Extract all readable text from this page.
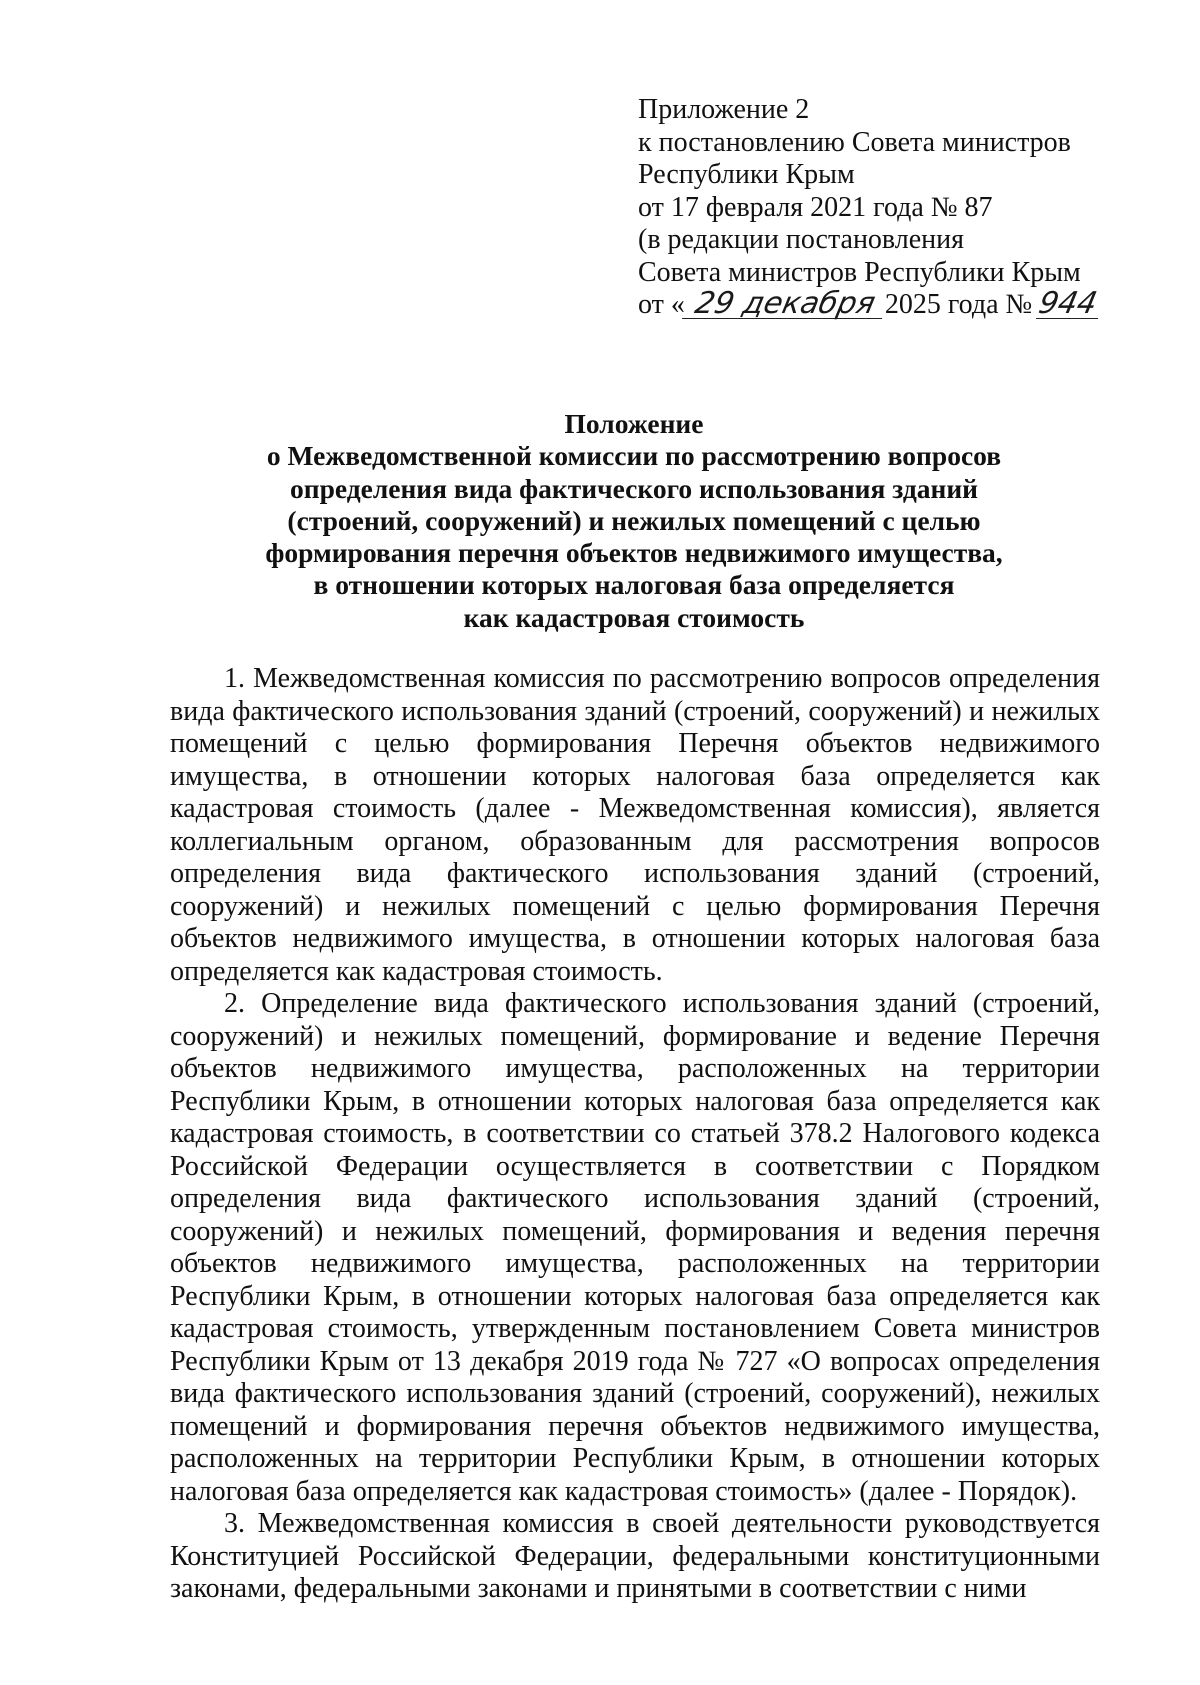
Приложение 2
к постановлению Совета министров
Республики Крым
от 17 февраля 2021 года № 87
(в редакции постановления
Совета министров Республики Крым
от « 29 декабря 2025 года № 944
Положение
о Межведомственной комиссии по рассмотрению вопросов
определения вида фактического использования зданий
(строений, сооружений) и нежилых помещений с целью
формирования перечня объектов недвижимого имущества,
в отношении которых налоговая база определяется
как кадастровая стоимость

1. Межведомственная комиссия по рассмотрению вопросов определения вида фактического использования зданий (строений, сооружений) и нежилых помещений с целью формирования Перечня объектов недвижимого имущества, в отношении которых налоговая база определяется как кадастровая стоимость (далее - Межведомственная комиссия), является коллегиальным органом, образованным для рассмотрения вопросов определения вида фактического использования зданий (строений, сооружений) и нежилых помещений с целью формирования Перечня объектов недвижимого имущества, в отношении которых налоговая база определяется как кадастровая стоимость.

2. Определение вида фактического использования зданий (строений, сооружений) и нежилых помещений, формирование и ведение Перечня объектов недвижимого имущества, расположенных на территории Республики Крым, в отношении которых налоговая база определяется как кадастровая стоимость, в соответствии со статьей 378.2 Налогового кодекса Российской Федерации осуществляется в соответствии с Порядком определения вида фактического использования зданий (строений, сооружений) и нежилых помещений, формирования и ведения перечня объектов недвижимого имущества, расположенных на территории Республики Крым, в отношении которых налоговая база определяется как кадастровая стоимость, утвержденным постановлением Совета министров Республики Крым от 13 декабря 2019 года № 727 «О вопросах определения вида фактического использования зданий (строений, сооружений), нежилых помещений и формирования перечня объектов недвижимого имущества, расположенных на территории Республики Крым, в отношении которых налоговая база определяется как кадастровая стоимость» (далее - Порядок).

3. Межведомственная комиссия в своей деятельности руководствуется Конституцией Российской Федерации, федеральными конституционными законами, федеральными законами и принятыми в соответствии с ними
